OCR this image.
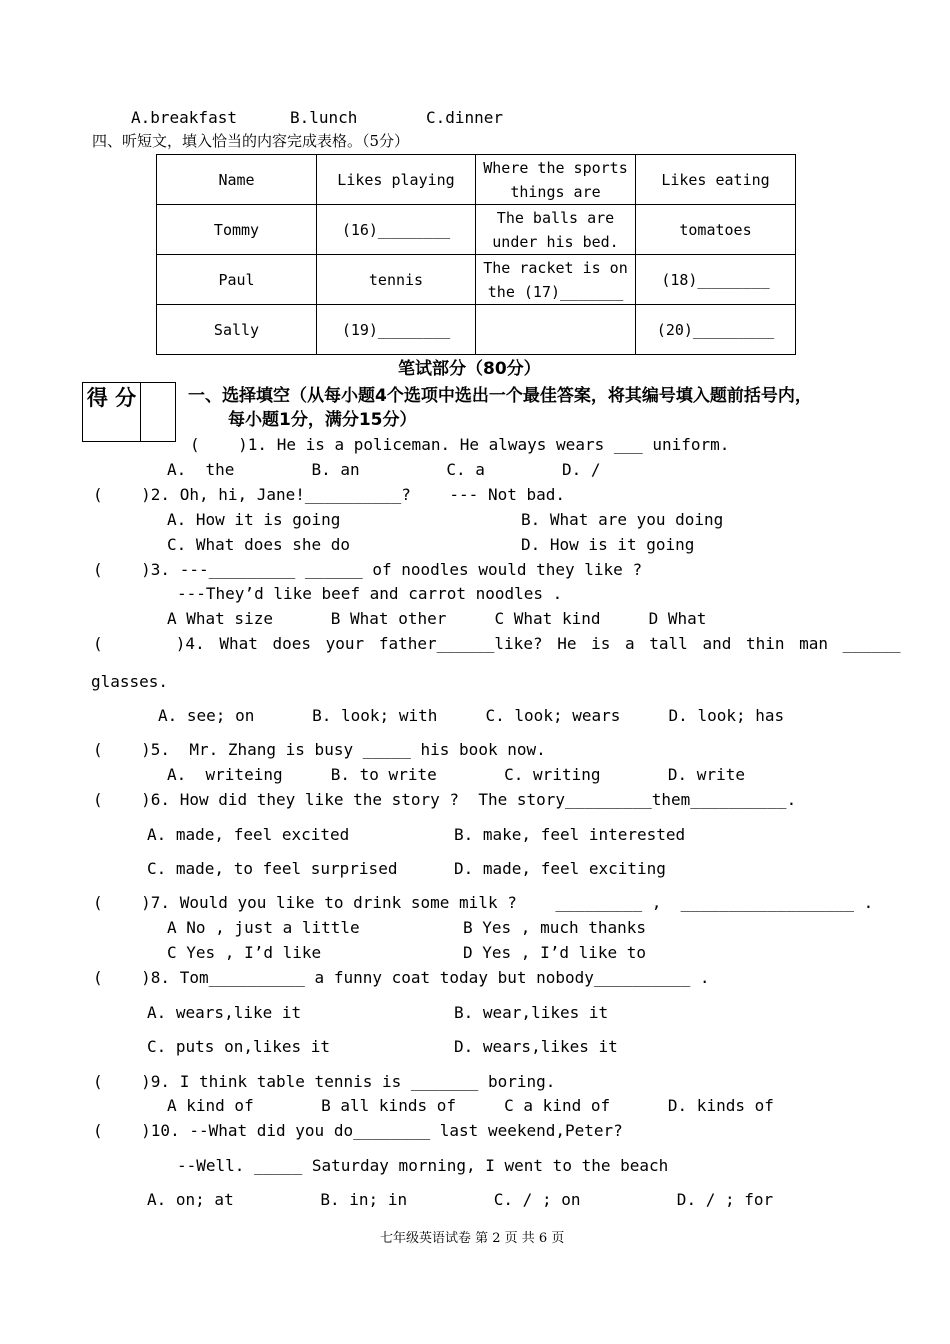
A.breakfast	B.lunch	C.dinner
四、听短文，填入恰当的内容完成表格。（5分）
Name	Likes playing	Where the sports things are	Likes eating
Tommy	(16)________	The balls are under his bed.	tomatoes
Paul	tennis	The racket is on the (17)_______	(18)________
Sally	(19)________		(20)_________
笔试部分（80分）
得 分	一、选择填空（从每小题4个选项中选出一个最佳答案，将其编号填入题前括号内，
每小题1分，满分15分）
(    )1. He is a policeman. He always wears ___ uniform.
A.  the        B. an         C. a        D. /
(    )2. Oh, hi, Jane!__________?    --- Not bad.
A. How it is going	B. What are you doing
C. What does she do	D. How is it going
(    )3. ---_________ ______ of noodles would they like ?
---They’d like beef and carrot noodles .
A What size      B What other     C What kind     D What
(     )4. What does your father______like? He is a tall and thin man ______
glasses.
A. see; on      B. look; with     C. look; wears     D. look; has
(    )5.  Mr. Zhang is busy _____ his book now.
A.  writeing     B. to write       C. writing       D. write
(    )6. How did they like the story ?  The story_________them__________.
A. made, feel excited	B. make, feel interested
C. made, to feel surprised	D. made, feel exciting
(    )7. Would you like to drink some milk ?    _________ ,  __________________ .
A No , just a little	B Yes , much thanks
C Yes , I’d like	D Yes , I’d like to
(    )8. Tom__________ a funny coat today but nobody__________ .
A. wears,like it	B. wear,likes it
C. puts on,likes it	D. wears,likes it
(    )9. I think table tennis is _______ boring.
A kind of       B all kinds of     C a kind of      D. kinds of
(    )10. --What did you do________ last weekend,Peter?
--Well. _____ Saturday morning, I went to the beach
A. on; at         B. in; in         C. / ; on          D. / ; for
七年级英语试卷 第 2 页 共 6 页
